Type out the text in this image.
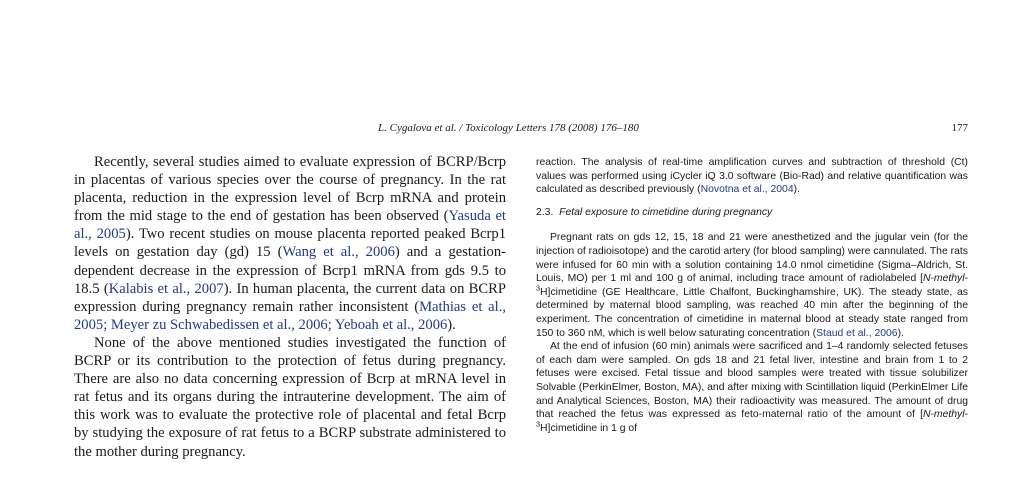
L. Cygalova et al. / Toxicology Letters 178 (2008) 176–180	177

Recently, several studies aimed to evaluate expression of BCRP/Bcrp in placentas of various species over the course of pregnancy. In the rat placenta, reduction in the expression level of Bcrp mRNA and protein from the mid stage to the end of gestation has been observed (Yasuda et al., 2005). Two recent studies on mouse placenta reported peaked Bcrp1 levels on gestation day (gd) 15 (Wang et al., 2006) and a gestation-dependent decrease in the expression of Bcrp1 mRNA from gds 9.5 to 18.5 (Kalabis et al., 2007). In human placenta, the current data on BCRP expression during pregnancy remain rather inconsistent (Mathias et al., 2005; Meyer zu Schwabedissen et al., 2006; Yeboah et al., 2006).

None of the above mentioned studies investigated the function of BCRP or its contribution to the protection of fetus during pregnancy. There are also no data concerning expression of Bcrp at mRNA level in rat fetus and its organs during the intrauterine development. The aim of this work was to evaluate the protective role of placental and fetal Bcrp by studying the exposure of rat fetus to a BCRP substrate administered to the mother during pregnancy.

reaction. The analysis of real-time amplification curves and subtraction of threshold (Ct) values was performed using iCycler iQ 3.0 software (Bio-Rad) and relative quantification was calculated as described previously (Novotna et al., 2004).

2.3. Fetal exposure to cimetidine during pregnancy

Pregnant rats on gds 12, 15, 18 and 21 were anesthetized and the jugular vein (for the injection of radioisotope) and the carotid artery (for blood sampling) were cannulated. The rats were infused for 60 min with a solution containing 14.0 nmol cimetidine (Sigma–Aldrich, St. Louis, MO) per 1 ml and 100 g of animal, including trace amount of radiolabeled [N-methyl-$^3$H]cimetidine (GE Healthcare, Little Chalfont, Buckinghamshire, UK). The steady state, as determined by maternal blood sampling, was reached 40 min after the beginning of the experiment. The concentration of cimetidine in maternal blood at steady state ranged from 150 to 360 nM, which is well below saturating concentration (Staud et al., 2006).

At the end of infusion (60 min) animals were sacrificed and 1–4 randomly selected fetuses of each dam were sampled. On gds 18 and 21 fetal liver, intestine and brain from 1 to 2 fetuses were excised. Fetal tissue and blood samples were treated with tissue solubilizer Solvable (PerkinElmer, Boston, MA), and after mixing with Scintillation liquid (PerkinElmer Life and Analytical Sciences, Boston, MA) their radioactivity was measured. The amount of drug that reached the fetus was expressed as feto-maternal ratio of the amount of [N-methyl-$^3$H]cimetidine in 1 g of
